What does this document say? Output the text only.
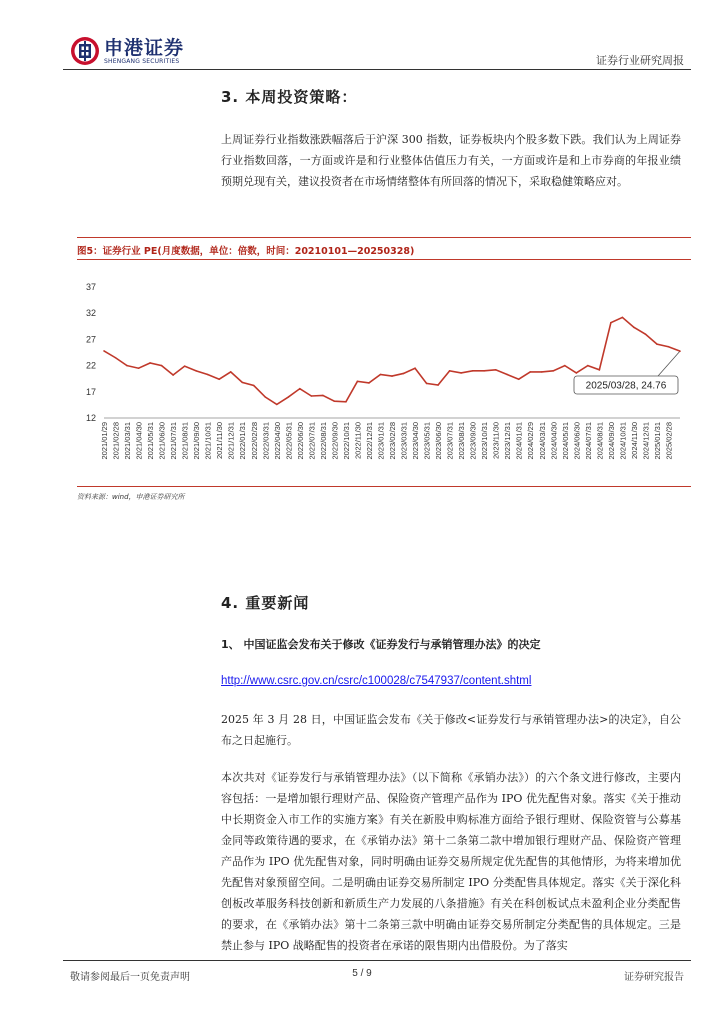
申港证券
SHENGANG SECURITIES	证券行业研究周报
3. 本周投资策略：
上周证券行业指数涨跌幅落后于沪深 300 指数，证券板块内个股多数下跌。我们认为上周证券行业指数回落，一方面或许是和行业整体估值压力有关，一方面或许是和上市券商的年报业绩预期兑现有关，建议投资者在市场情绪整体有所回落的情况下，采取稳健策略应对。
图5：证券行业 PE(月度数据，单位：倍数，时间：20210101—20250328)
12
17
22
27
32
37
2021/01/29 2021/02/28 2021/03/31 2021/04/30 2021/05/31 2021/06/30 2021/07/31 2021/08/31 2021/09/30 2021/10/31 2021/11/30 2021/12/31 2022/01/31 2022/02/28 2022/03/31 2022/04/30 2022/05/31 2022/06/30 2022/07/31 2022/08/31 2022/09/30 2022/10/31 2022/11/30 2022/12/31 2023/01/31 2023/02/28 2023/03/31 2023/04/30 2023/05/31 2023/06/30 2023/07/31 2023/08/31 2023/09/30 2023/10/31 2023/11/30 2023/12/31 2024/01/31 2024/02/29 2024/03/31 2024/04/30 2024/05/31 2024/06/30 2024/07/31 2024/08/31 2024/09/30 2024/10/31 2024/11/30 2024/12/31 2025/01/31 2025/02/28
2025/03/28, 24.76
资料来源：wind，申港证券研究所
4. 重要新闻
1、 中国证监会发布关于修改《证券发行与承销管理办法》的决定
http://www.csrc.gov.cn/csrc/c100028/c7547937/content.shtml
2025 年 3 月 28 日，中国证监会发布《关于修改<证券发行与承销管理办法>的决定》，自公布之日起施行。
本次共对《证券发行与承销管理办法》（以下简称《承销办法》）的六个条文进行修改，主要内容包括：一是增加银行理财产品、保险资产管理产品作为 IPO 优先配售对象。落实《关于推动中长期资金入市工作的实施方案》有关在新股申购标准方面给予银行理财、保险资管与公募基金同等政策待遇的要求，在《承销办法》第十二条第二款中增加银行理财产品、保险资产管理产品作为 IPO 优先配售对象，同时明确由证券交易所规定优先配售的其他情形，为将来增加优先配售对象预留空间。二是明确由证券交易所制定 IPO 分类配售具体规定。落实《关于深化科创板改革服务科技创新和新质生产力发展的八条措施》有关在科创板试点未盈利企业分类配售的要求，在《承销办法》第十二条第三款中明确由证券交易所制定分类配售的具体规定。三是禁止参与 IPO 战略配售的投资者在承诺的限售期内出借股份。为了落实
敬请参阅最后一页免责声明	5 / 9	证券研究报告
